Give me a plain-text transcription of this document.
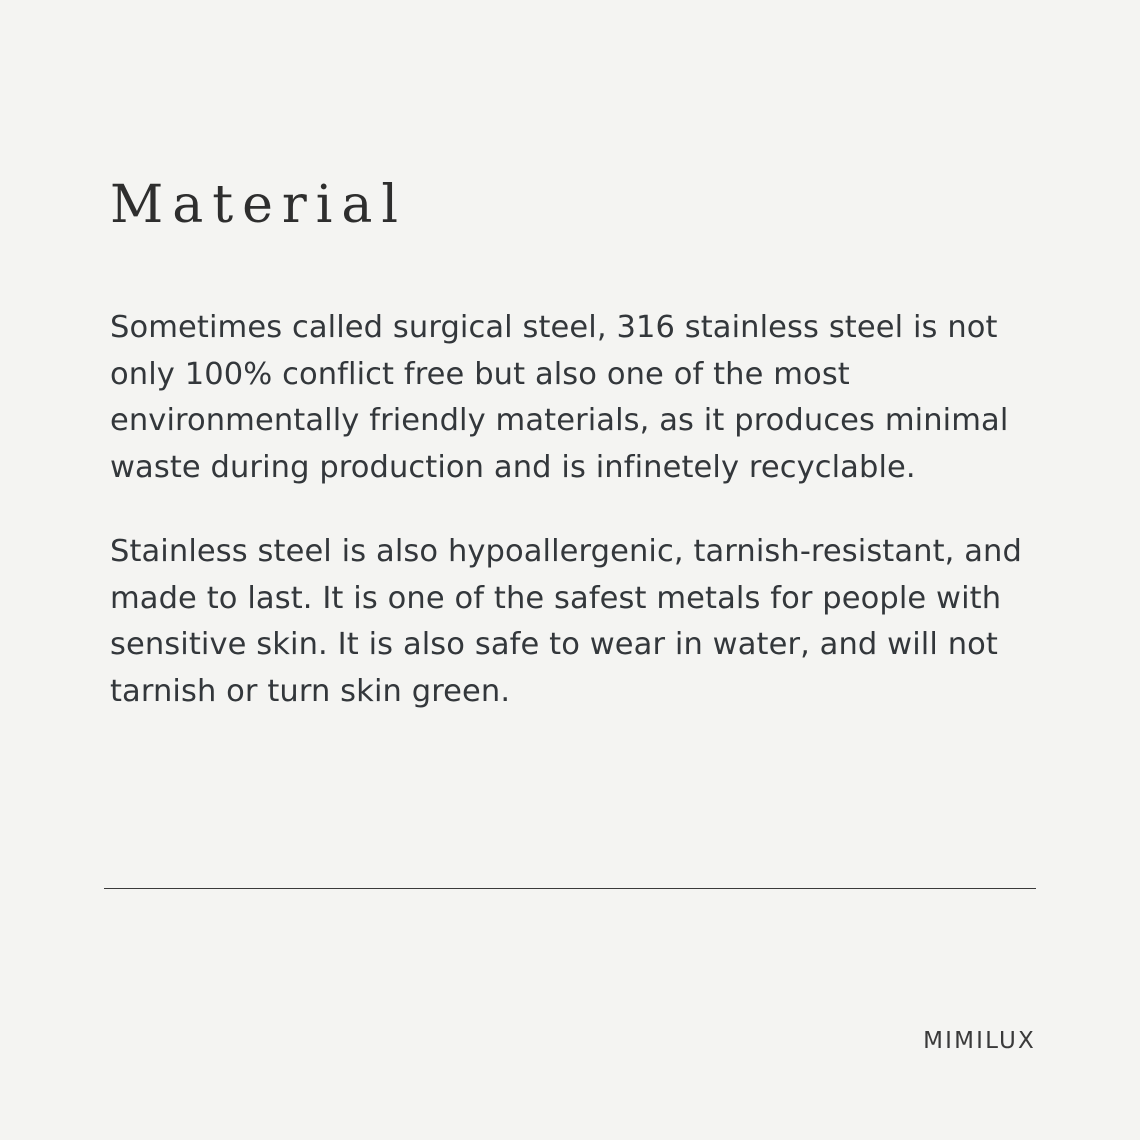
Material

Sometimes called surgical steel, 316 stainless steel is not only 100% conflict free but also one of the most environmentally friendly materials, as it produces minimal waste during production and is infinetely recyclable.

Stainless steel is also hypoallergenic, tarnish-resistant, and made to last. It is one of the safest metals for people with sensitive skin. It is also safe to wear in water, and will not tarnish or turn skin green.

MIMILUX
